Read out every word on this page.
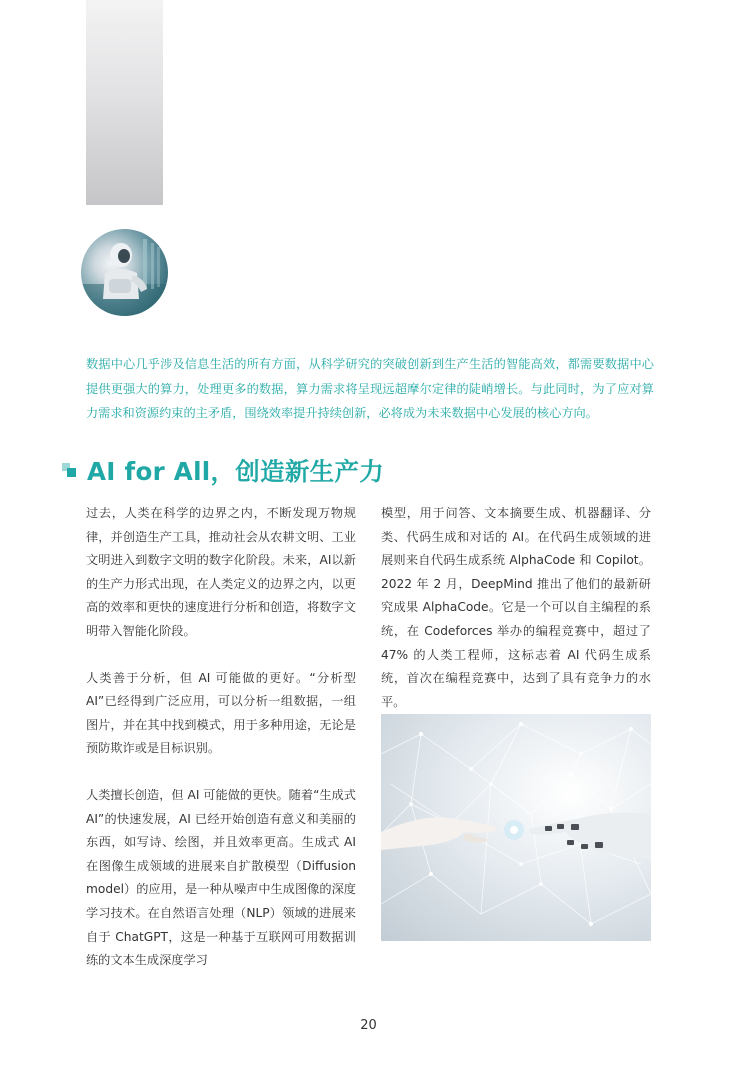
数据中心几乎涉及信息生活的所有方面，从科学研究的突破创新到生产生活的智能高效，都需要数据中心提供更强大的算力，处理更多的数据，算力需求将呈现远超摩尔定律的陡峭增长。与此同时，为了应对算力需求和资源约束的主矛盾，围绕效率提升持续创新，必将成为未来数据中心发展的核心方向。

AI for All，创造新生产力

过去，人类在科学的边界之内，不断发现万物规律，并创造生产工具，推动社会从农耕文明、工业文明进入到数字文明的数字化阶段。未来，AI以新的生产力形式出现，在人类定义的边界之内，以更高的效率和更快的速度进行分析和创造，将数字文明带入智能化阶段。

人类善于分析，但 AI 可能做的更好。“分析型AI”已经得到广泛应用，可以分析一组数据，一组图片，并在其中找到模式，用于多种用途，无论是预防欺诈或是目标识别。

人类擅长创造，但 AI 可能做的更快。随着“生成式 AI”的快速发展，AI 已经开始创造有意义和美丽的东西，如写诗、绘图，并且效率更高。生成式 AI 在图像生成领域的进展来自扩散模型（Diffusion model）的应用，是一种从噪声中生成图像的深度学习技术。在自然语言处理（NLP）领域的进展来自于 ChatGPT，这是一种基于互联网可用数据训练的文本生成深度学习

模型，用于问答、文本摘要生成、机器翻译、分类、代码生成和对话的 AI。在代码生成领域的进展则来自代码生成系统 AlphaCode 和 Copilot。2022 年 2 月，DeepMind 推出了他们的最新研究成果 AlphaCode。它是一个可以自主编程的系统，在 Codeforces 举办的编程竞赛中，超过了 47% 的人类工程师，这标志着 AI 代码生成系统，首次在编程竞赛中，达到了具有竞争力的水平。

20
